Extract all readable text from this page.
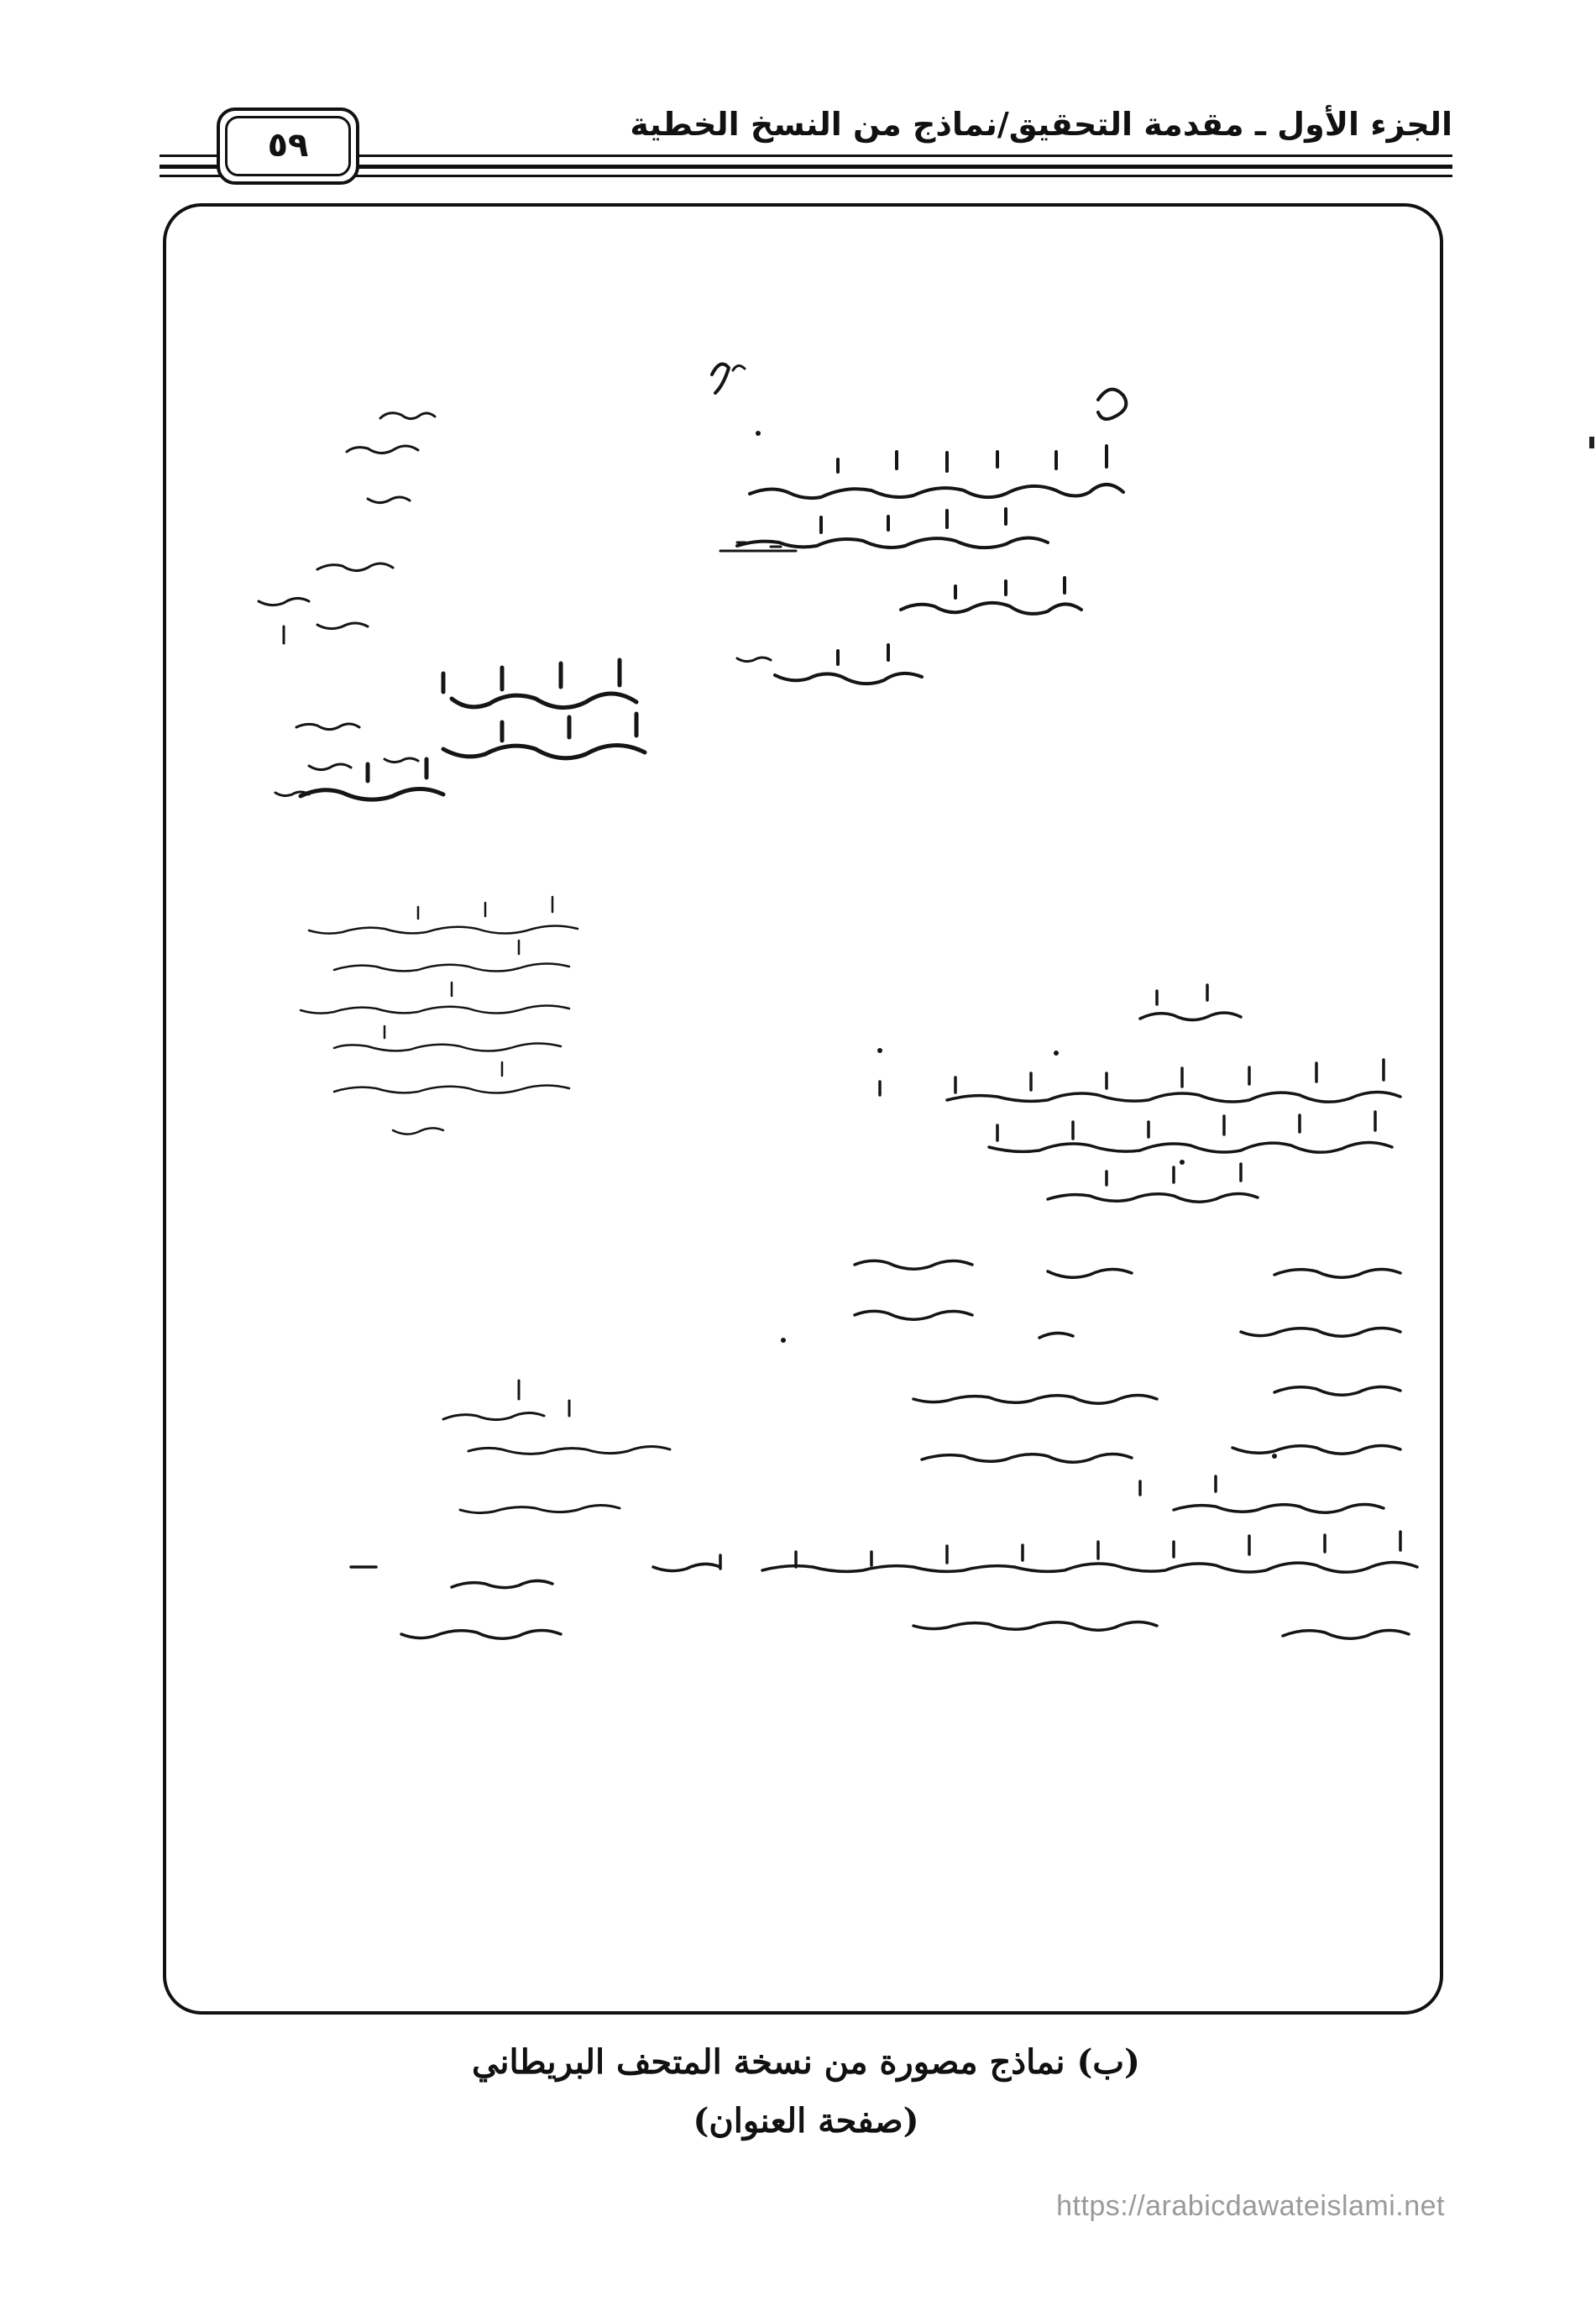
الجزء الأول ـ مقدمة التحقيق/نماذج من النسخ الخطية
٥٩
(ب) نماذج مصورة من نسخة المتحف البريطاني
(صفحة العنوان)
https://arabicdawateislami.net
